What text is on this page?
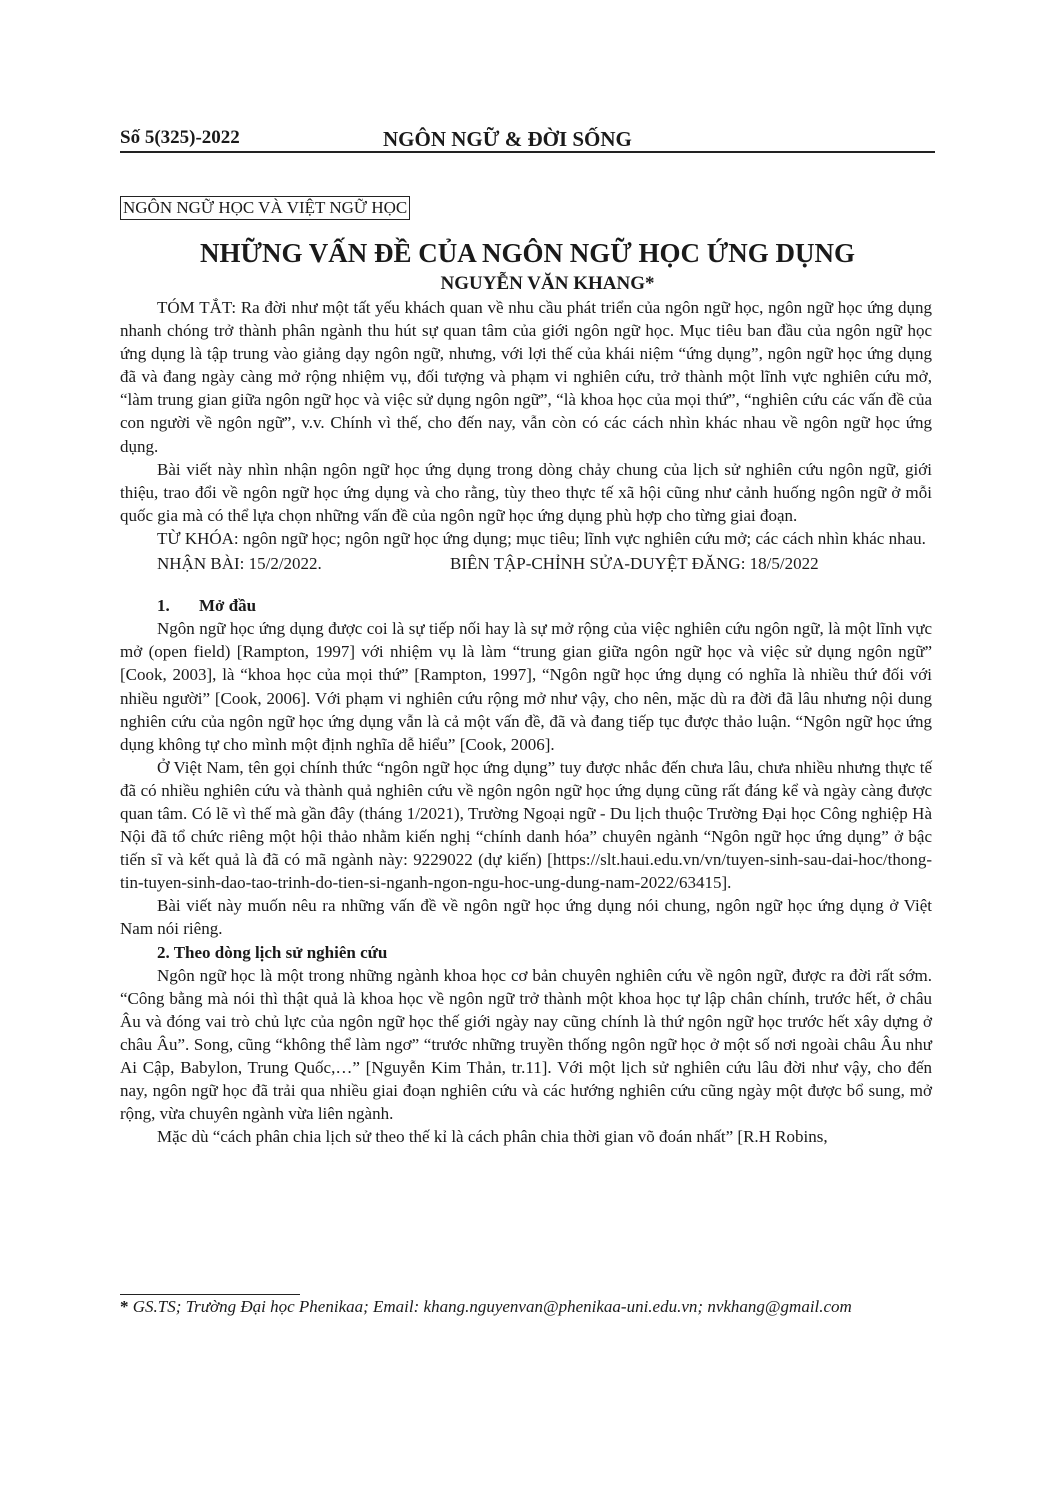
Số 5(325)-2022	NGÔN NGỮ & ĐỜI SỐNG
NGÔN NGỮ HỌC VÀ VIỆT NGỮ HỌC
NHỮNG VẤN ĐỀ CỦA NGÔN NGỮ HỌC ỨNG DỤNG
NGUYỄN VĂN KHANG*

TÓM TẮT: Ra đời như một tất yếu khách quan về nhu cầu phát triển của ngôn ngữ học, ngôn ngữ học ứng dụng nhanh chóng trở thành phân ngành thu hút sự quan tâm của giới ngôn ngữ học. Mục tiêu ban đầu của ngôn ngữ học ứng dụng là tập trung vào giảng dạy ngôn ngữ, nhưng, với lợi thế của khái niệm “ứng dụng”, ngôn ngữ học ứng dụng đã và đang ngày càng mở rộng nhiệm vụ, đối tượng và phạm vi nghiên cứu, trở thành một lĩnh vực nghiên cứu mở, “làm trung gian giữa ngôn ngữ học và việc sử dụng ngôn ngữ”, “là khoa học của mọi thứ”, “nghiên cứu các vấn đề của con người về ngôn ngữ”, v.v. Chính vì thế, cho đến nay, vẫn còn có các cách nhìn khác nhau về ngôn ngữ học ứng dụng.

Bài viết này nhìn nhận ngôn ngữ học ứng dụng trong dòng chảy chung của lịch sử nghiên cứu ngôn ngữ, giới thiệu, trao đổi về ngôn ngữ học ứng dụng và cho rằng, tùy theo thực tế xã hội cũng như cảnh huống ngôn ngữ ở mỗi quốc gia mà có thể lựa chọn những vấn đề của ngôn ngữ học ứng dụng phù hợp cho từng giai đoạn.

TỪ KHÓA: ngôn ngữ học; ngôn ngữ học ứng dụng; mục tiêu; lĩnh vực nghiên cứu mở; các cách nhìn khác nhau.

NHẬN BÀI: 15/2/2022.	BIÊN TẬP-CHỈNH SỬA-DUYỆT ĐĂNG: 18/5/2022
1. Mở đầu

Ngôn ngữ học ứng dụng được coi là sự tiếp nối hay là sự mở rộng của việc nghiên cứu ngôn ngữ, là một lĩnh vực mở (open field) [Rampton, 1997] với nhiệm vụ là làm “trung gian giữa ngôn ngữ học và việc sử dụng ngôn ngữ” [Cook, 2003], là “khoa học của mọi thứ” [Rampton, 1997], “Ngôn ngữ học ứng dụng có nghĩa là nhiều thứ đối với nhiều người” [Cook, 2006]. Với phạm vi nghiên cứu rộng mở như vậy, cho nên, mặc dù ra đời đã lâu nhưng nội dung nghiên cứu của ngôn ngữ học ứng dụng vẫn là cả một vấn đề, đã và đang tiếp tục được thảo luận. “Ngôn ngữ học ứng dụng không tự cho mình một định nghĩa dễ hiểu” [Cook, 2006].

Ở Việt Nam, tên gọi chính thức “ngôn ngữ học ứng dụng” tuy được nhắc đến chưa lâu, chưa nhiều nhưng thực tế đã có nhiều nghiên cứu và thành quả nghiên cứu về ngôn ngôn ngữ học ứng dụng cũng rất đáng kể và ngày càng được quan tâm. Có lẽ vì thế mà gần đây (tháng 1/2021), Trường Ngoại ngữ - Du lịch thuộc Trường Đại học Công nghiệp Hà Nội đã tổ chức riêng một hội thảo nhằm kiến nghị “chính danh hóa” chuyên ngành “Ngôn ngữ học ứng dụng” ở bậc tiến sĩ và kết quả là đã có mã ngành này: 9229022 (dự kiến) [https://slt.haui.edu.vn/vn/tuyen-sinh-sau-dai-hoc/thong-tin-tuyen-sinh-dao-tao-trinh-do-tien-si-nganh-ngon-ngu-hoc-ung-dung-nam-2022/63415].

Bài viết này muốn nêu ra những vấn đề về ngôn ngữ học ứng dụng nói chung, ngôn ngữ học ứng dụng ở Việt Nam nói riêng.

2. Theo dòng lịch sử nghiên cứu

Ngôn ngữ học là một trong những ngành khoa học cơ bản chuyên nghiên cứu về ngôn ngữ, được ra đời rất sớm. “Công bằng mà nói thì thật quả là khoa học về ngôn ngữ trở thành một khoa học tự lập chân chính, trước hết, ở châu Âu và đóng vai trò chủ lực của ngôn ngữ học thế giới ngày nay cũng chính là thứ ngôn ngữ học trước hết xây dựng ở châu Âu”. Song, cũng “không thể làm ngơ” “trước những truyền thống ngôn ngữ học ở một số nơi ngoài châu Âu như Ai Cập, Babylon, Trung Quốc,…” [Nguyễn Kim Thản, tr.11]. Với một lịch sử nghiên cứu lâu đời như vậy, cho đến nay, ngôn ngữ học đã trải qua nhiều giai đoạn nghiên cứu và các hướng nghiên cứu cũng ngày một được bổ sung, mở rộng, vừa chuyên ngành vừa liên ngành.

Mặc dù “cách phân chia lịch sử theo thế kỉ là cách phân chia thời gian võ đoán nhất” [R.H Robins,

* GS.TS; Trường Đại học Phenikaa; Email: khang.nguyenvan@phenikaa-uni.edu.vn; nvkhang@gmail.com
